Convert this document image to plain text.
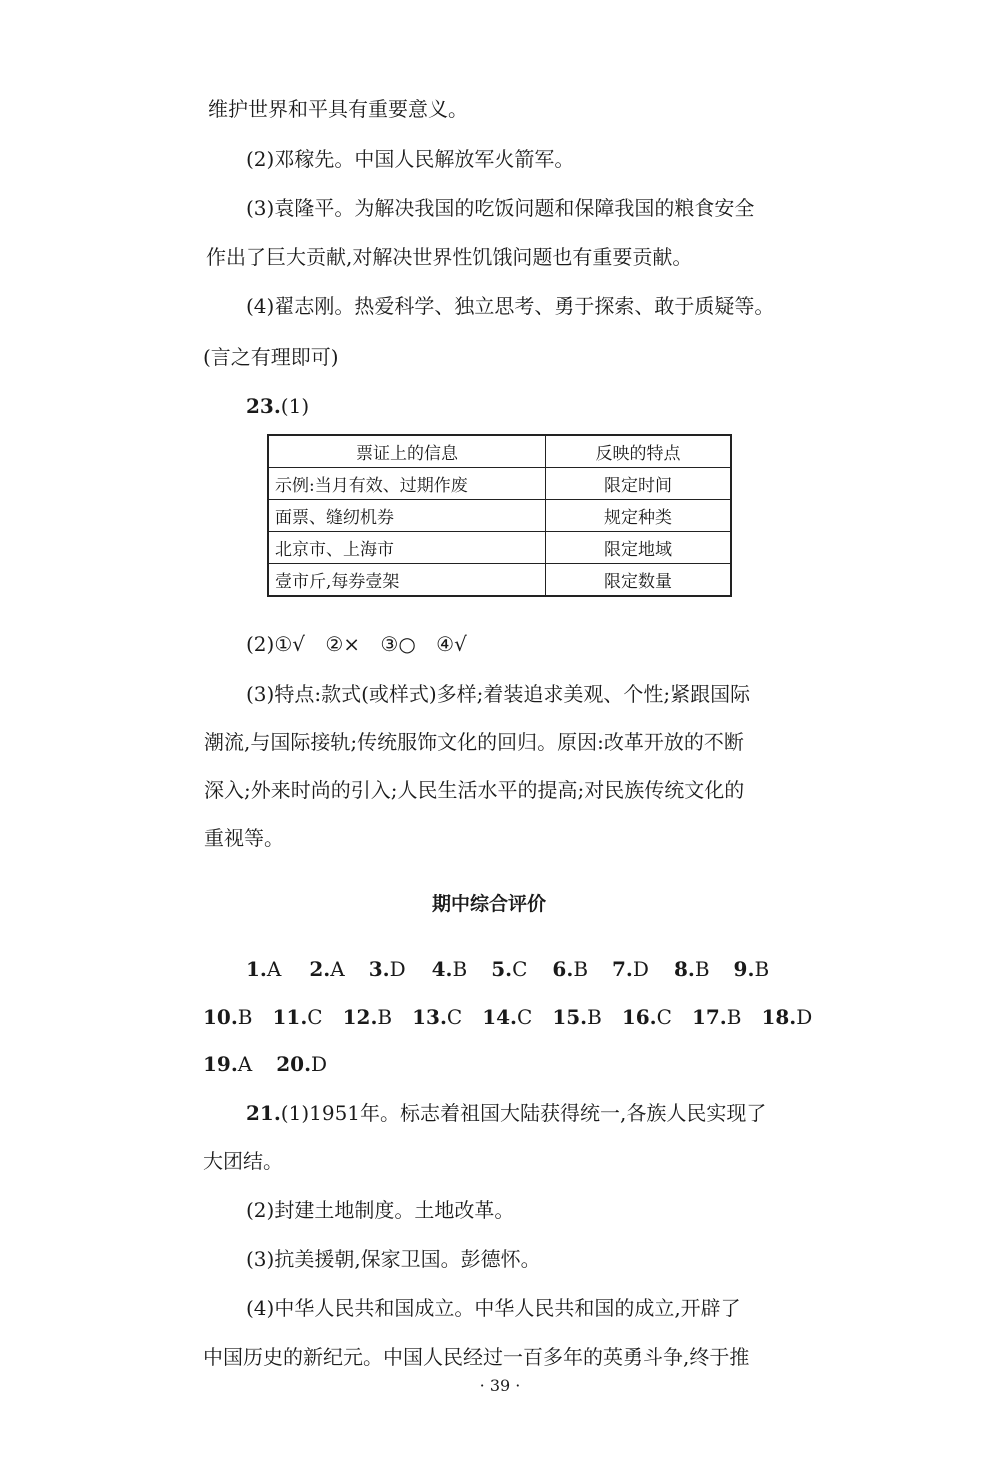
维护世界和平具有重要意义。
(2)邓稼先。中国人民解放军火箭军。
(3)袁隆平。为解决我国的吃饭问题和保障我国的粮食安全
作出了巨大贡献,对解决世界性饥饿问题也有重要贡献。
(4)翟志刚。热爱科学、独立思考、勇于探索、敢于质疑等。
(言之有理即可)
23.(1)
票证上的信息	反映的特点
示例:当月有效、过期作废	限定时间
面票、缝纫机券	规定种类
北京市、上海市	限定地域
壹市斤,每券壹架	限定数量
(2)①√ ②× ③○ ④√
(3)特点:款式(或样式)多样;着装追求美观、个性;紧跟国际
潮流,与国际接轨;传统服饰文化的回归。原因:改革开放的不断
深入;外来时尚的引入;人民生活水平的提高;对民族传统文化的
重视等。
期中综合评价
1.A 2.A 3.D 4.B 5.C 6.B 7.D 8.B 9.B
10.B 11.C 12.B 13.C 14.C 15.B 16.C 17.B 18.D
19.A 20.D
21.(1)1951年。标志着祖国大陆获得统一,各族人民实现了
大团结。
(2)封建土地制度。土地改革。
(3)抗美援朝,保家卫国。彭德怀。
(4)中华人民共和国成立。中华人民共和国的成立,开辟了
中国历史的新纪元。中国人民经过一百多年的英勇斗争,终于推
· 39 ·
